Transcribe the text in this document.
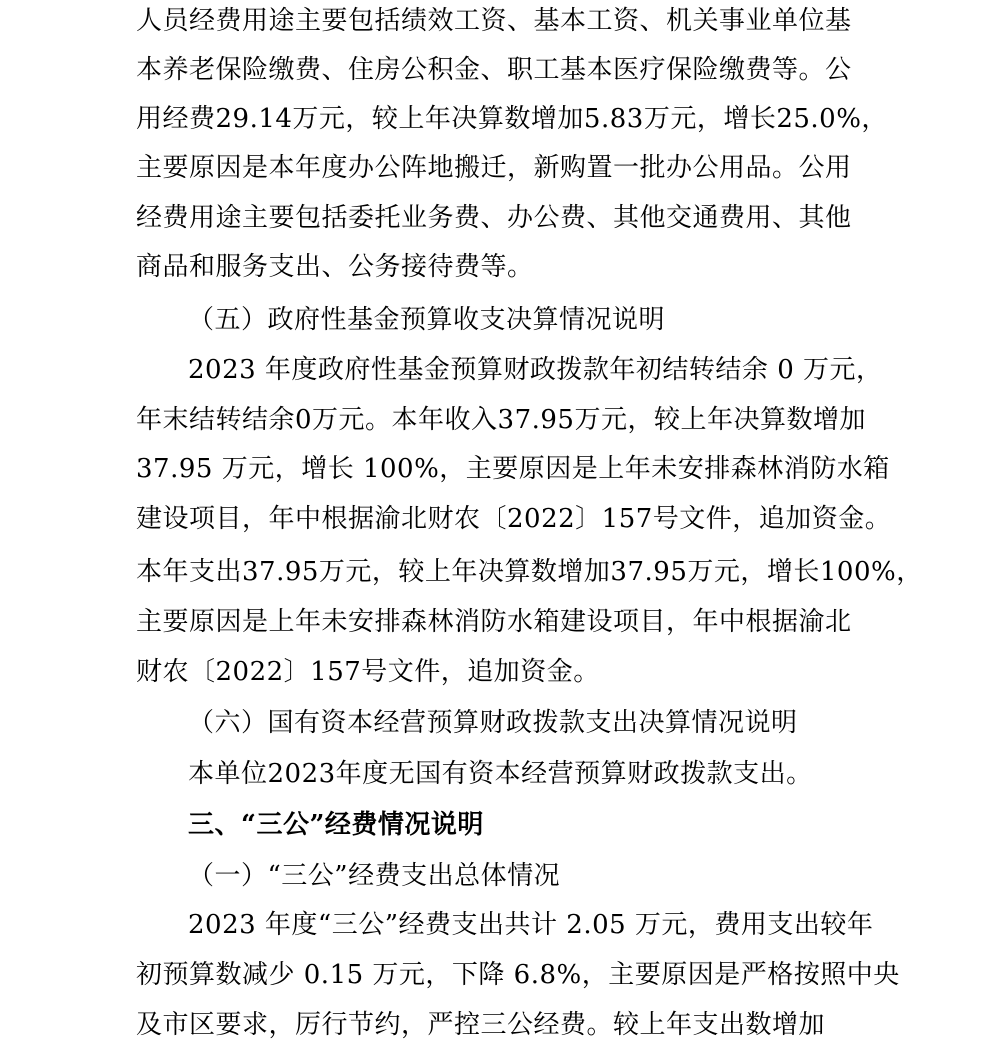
人员经费用途主要包括绩效工资、基本工资、机关事业单位基
本养老保险缴费、住房公积金、职工基本医疗保险缴费等。公
用经费29.14万元，较上年决算数增加5.83万元，增长25.0%，
主要原因是本年度办公阵地搬迁，新购置一批办公用品。公用
经费用途主要包括委托业务费、办公费、其他交通费用、其他
商品和服务支出、公务接待费等。
（五）政府性基金预算收支决算情况说明
2023 年度政府性基金预算财政拨款年初结转结余 0 万元，
年末结转结余0万元。本年收入37.95万元，较上年决算数增加
37.95 万元，增长 100%，主要原因是上年未安排森林消防水箱
建设项目，年中根据渝北财农〔2022〕157号文件，追加资金。
本年支出37.95万元，较上年决算数增加37.95万元，增长100%，
主要原因是上年未安排森林消防水箱建设项目，年中根据渝北
财农〔2022〕157号文件，追加资金。
（六）国有资本经营预算财政拨款支出决算情况说明
本单位2023年度无国有资本经营预算财政拨款支出。
三、“三公”经费情况说明
（一）“三公”经费支出总体情况
2023 年度“三公”经费支出共计 2.05 万元，费用支出较年
初预算数减少 0.15 万元，下降 6.8%，主要原因是严格按照中央
及市区要求，厉行节约，严控三公经费。较上年支出数增加
